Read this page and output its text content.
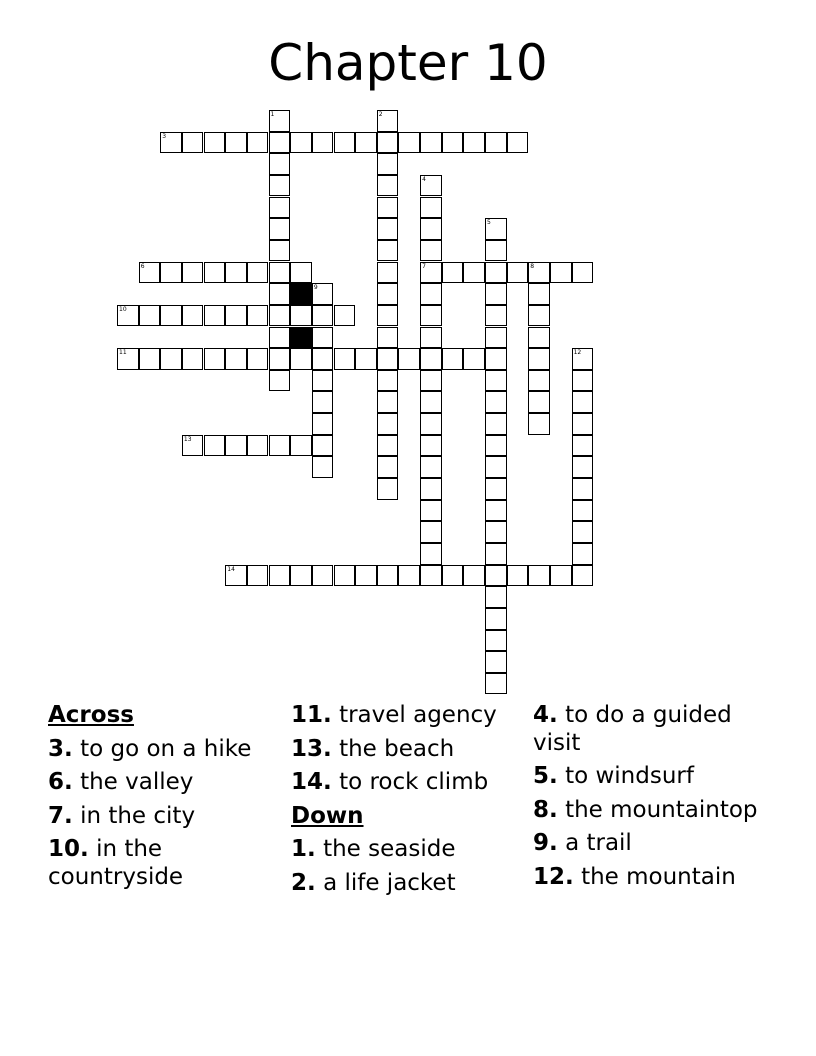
Chapter 10
1	2
3
4
7
5
6	8
9
10
11	12
13
14
Across

3. to go on a hike

6. the valley

7. in the city

10. in the countryside

11. travel agency

13. the beach

14. to rock climb

Down

1. the seaside

2. a life jacket

4. to do a guided visit

5. to windsurf

8. the mountaintop

9. a trail

12. the mountain
